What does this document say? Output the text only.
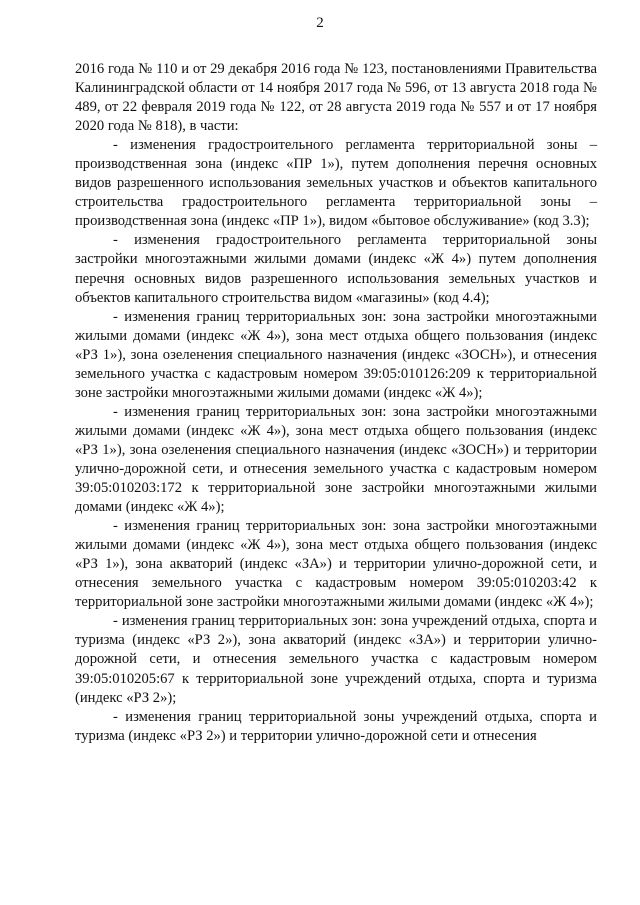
2

2016 года № 110 и от 29 декабря 2016 года № 123, постановлениями Правительства Калининградской области от 14 ноября 2017 года № 596, от 13 августа 2018 года № 489, от 22 февраля 2019 года № 122, от 28 августа 2019 года № 557 и от 17 ноября 2020 года № 818), в части:

- изменения градостроительного регламента территориальной зоны – производственная зона (индекс «ПР 1»), путем дополнения перечня основных видов разрешенного использования земельных участков и объектов капитального строительства градостроительного регламента территориальной зоны – производственная зона (индекс «ПР 1»), видом «бытовое обслуживание» (код 3.3);

- изменения градостроительного регламента территориальной зоны застройки многоэтажными жилыми домами (индекс «Ж 4») путем дополнения перечня основных видов разрешенного использования земельных участков и объектов капитального строительства видом «магазины» (код 4.4);

- изменения границ территориальных зон: зона застройки многоэтажными жилыми домами (индекс «Ж 4»), зона мест отдыха общего пользования (индекс «РЗ 1»), зона озеленения специального назначения (индекс «ЗОСН»), и отнесения земельного участка с кадастровым номером 39:05:010126:209 к территориальной зоне застройки многоэтажными жилыми домами (индекс «Ж 4»);

- изменения границ территориальных зон: зона застройки многоэтажными жилыми домами (индекс «Ж 4»), зона мест отдыха общего пользования (индекс «РЗ 1»), зона озеленения специального назначения (индекс «ЗОСН») и территории улично-дорожной сети, и отнесения земельного участка с кадастровым номером 39:05:010203:172 к территориальной зоне застройки многоэтажными жилыми домами (индекс «Ж 4»);

- изменения границ территориальных зон: зона застройки многоэтажными жилыми домами (индекс «Ж 4»), зона мест отдыха общего пользования (индекс «РЗ 1»), зона акваторий (индекс «ЗА») и территории улично-дорожной сети, и отнесения земельного участка с кадастровым номером 39:05:010203:42 к территориальной зоне застройки многоэтажными жилыми домами (индекс «Ж 4»);

- изменения границ территориальных зон: зона учреждений отдыха, спорта и туризма (индекс «РЗ 2»), зона акваторий (индекс «ЗА») и территории улично-дорожной сети, и отнесения земельного участка с кадастровым номером 39:05:010205:67 к территориальной зоне учреждений отдыха, спорта и туризма (индекс «РЗ 2»);

- изменения границ территориальной зоны учреждений отдыха, спорта и туризма (индекс «РЗ 2») и территории улично-дорожной сети и отнесения
